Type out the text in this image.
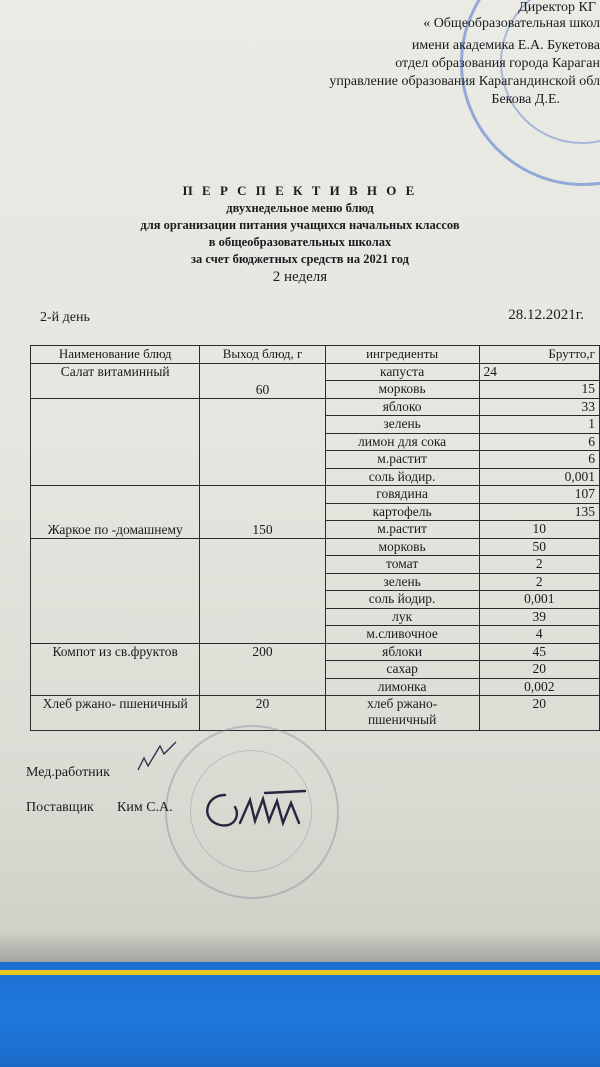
Директор КГ
« Общеобразовательная школ
имени академика Е.А. Букетова
отдел образования города Караган
управление образования Карагандинской обл
Бекова Д.Е.
П Е Р С П Е К Т И В Н О Е
двухнедельное меню блюд
для организации питания учащихся начальных классов
в общеобразовательных школах
за счет бюджетных средств на 2021 год
2 неделя
2-й день	28.12.2021г.
Наименование блюд	Выход блюд, г	ингредиенты	Брутто,г
Салат витаминный	60	капуста	24
		морковь	15
		яблоко	33
		зелень	1
		лимон для сока	6
		м.растит	6
		соль йодир.	0,001
Жаркое по -домашнему	150	говядина	107
		картофель	135
		м.растит	10
		морковь	50
		томат	2
		зелень	2
		соль йодир.	0,001
		лук	39
		м.сливочное	4
Компот из св.фруктов	200	яблоки	45
		сахар	20
		лимонка	0,002
Хлеб ржано- пшеничный	20	хлеб ржано-пшеничный	20
Мед.работник
Поставщик Ким С.А.
